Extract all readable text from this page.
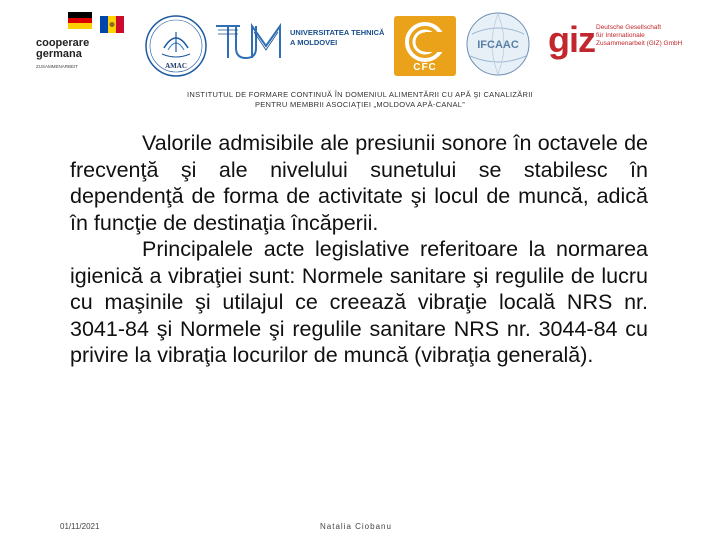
cooperare
germana
ZUSAMMENARBEIT	AMAC
UNIVERSITATEA TEHNICĂ
A MOLDOVEI
CFC
IFCAAC giz Deutsche Gesellschaft
für Internationale
Zusammenarbeit (GIZ) GmbH
INSTITUTUL DE FORMARE CONTINUĂ ÎN DOMENIUL ALIMENTĂRII CU APĂ ŞI CANALIZĂRII
PENTRU MEMBRII ASOCIAŢIEI „MOLDOVA APĂ-CANAL”

Valorile admisibile ale presiunii sonore în octavele de frecvenţă şi ale nivelului sunetului se stabilesc în dependenţă de forma de activitate şi locul de muncă, adică în funcţie de destinaţia încăperii.

Principalele acte legislative referitoare la normarea igienică a vibraţiei sunt: Normele sanitare şi regulile de lucru cu maşinile şi utilajul ce creează vibraţie locală NRS nr. 3041-84 şi Normele şi regulile sanitare NRS nr. 3044-84 cu privire la vibraţia locurilor de muncă (vibraţia generală).

01/11/2021	Natalia Ciobanu
